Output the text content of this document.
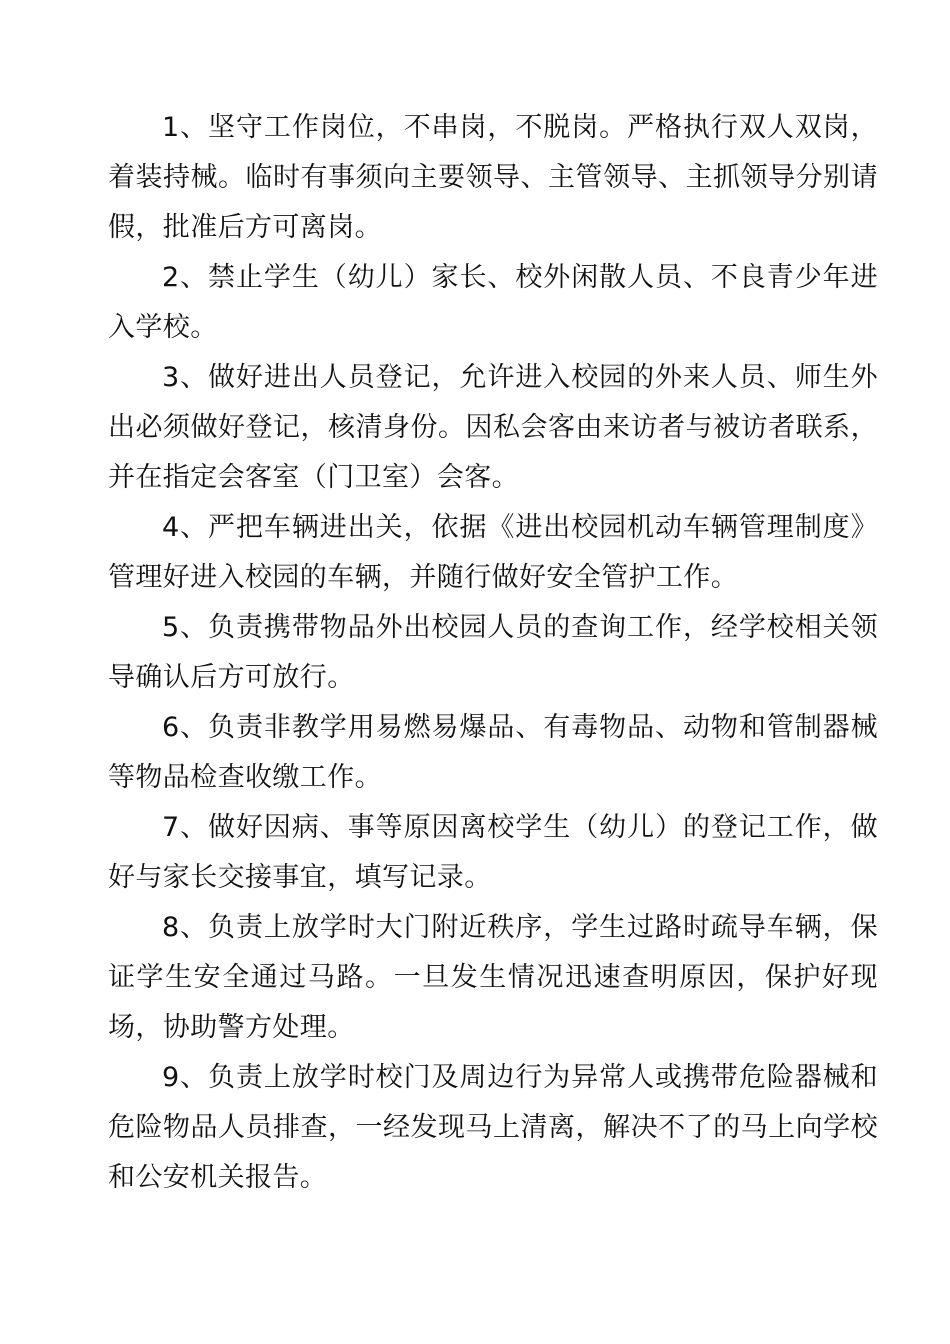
1、坚守工作岗位，不串岗，不脱岗。严格执行双人双岗，着装持械。临时有事须向主要领导、主管领导、主抓领导分别请假，批准后方可离岗。

2、禁止学生（幼儿）家长、校外闲散人员、不良青少年进入学校。

3、做好进出人员登记，允许进入校园的外来人员、师生外出必须做好登记，核清身份。因私会客由来访者与被访者联系，并在指定会客室（门卫室）会客。

4、严把车辆进出关，依据《进出校园机动车辆管理制度》管理好进入校园的车辆，并随行做好安全管护工作。

5、负责携带物品外出校园人员的查询工作，经学校相关领导确认后方可放行。

6、负责非教学用易燃易爆品、有毒物品、动物和管制器械等物品检查收缴工作。

7、做好因病、事等原因离校学生（幼儿）的登记工作，做好与家长交接事宜，填写记录。

8、负责上放学时大门附近秩序，学生过路时疏导车辆，保证学生安全通过马路。一旦发生情况迅速查明原因，保护好现场，协助警方处理。

9、负责上放学时校门及周边行为异常人或携带危险器械和危险物品人员排查，一经发现马上清离，解决不了的马上向学校和公安机关报告。
